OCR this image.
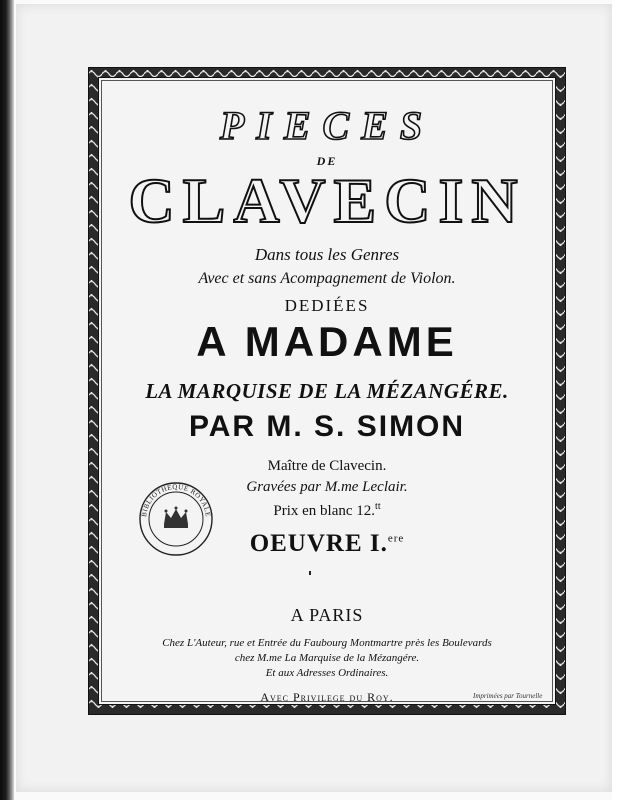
PIECES
DE
CLAVECIN
Dans tous les Genres
Avec et sans Acompagnement de Violon.
DEDIÉES
A MADAME
LA MARQUISE DE LA MÉZANGÉRE.
PAR M. S. SIMON
Maître de Clavecin.
Gravées par M.me Leclair.
Prix en blanc 12.$^{tt}$
OEUVRE I.$^{ere}$
A PARIS
Chez L'Auteur, rue et Entrée du Faubourg Montmartre près les Boulevards
chez M.me La Marquise de la Mézangére.
Et aux Adresses Ordinaires.
Avec Privilege du Roy.	Imprimées par Tournelle
BIBLIOTHÈQUE ROYALE
